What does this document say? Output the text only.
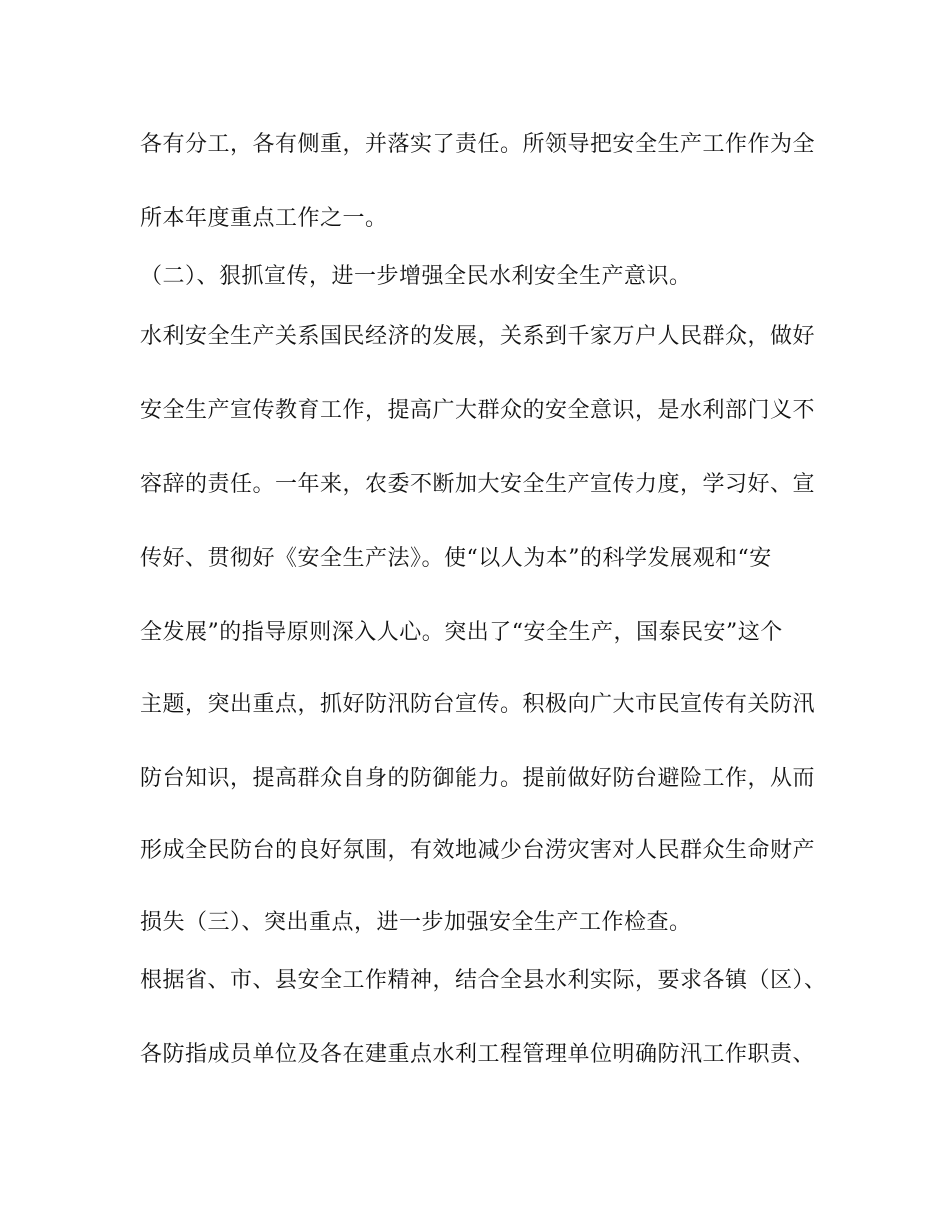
各有分工，各有侧重，并落实了责任。所领导把安全生产工作作为全
所本年度重点工作之一。
（二）、狠抓宣传，进一步增强全民水利安全生产意识。
水利安全生产关系国民经济的发展，关系到千家万户人民群众，做好
安全生产宣传教育工作，提高广大群众的安全意识，是水利部门义不
容辞的责任。一年来，农委不断加大安全生产宣传力度，学习好、宣
传好、贯彻好《安全生产法》。使“以人为本”的科学发展观和“安
全发展”的指导原则深入人心。突出了“安全生产，国泰民安”这个
主题，突出重点，抓好防汛防台宣传。积极向广大市民宣传有关防汛
防台知识，提高群众自身的防御能力。提前做好防台避险工作，从而
形成全民防台的良好氛围，有效地减少台涝灾害对人民群众生命财产
损失（三）、突出重点，进一步加强安全生产工作检查。
根据省、市、县安全工作精神，结合全县水利实际，要求各镇（区）、
各防指成员单位及各在建重点水利工程管理单位明确防汛工作职责、
